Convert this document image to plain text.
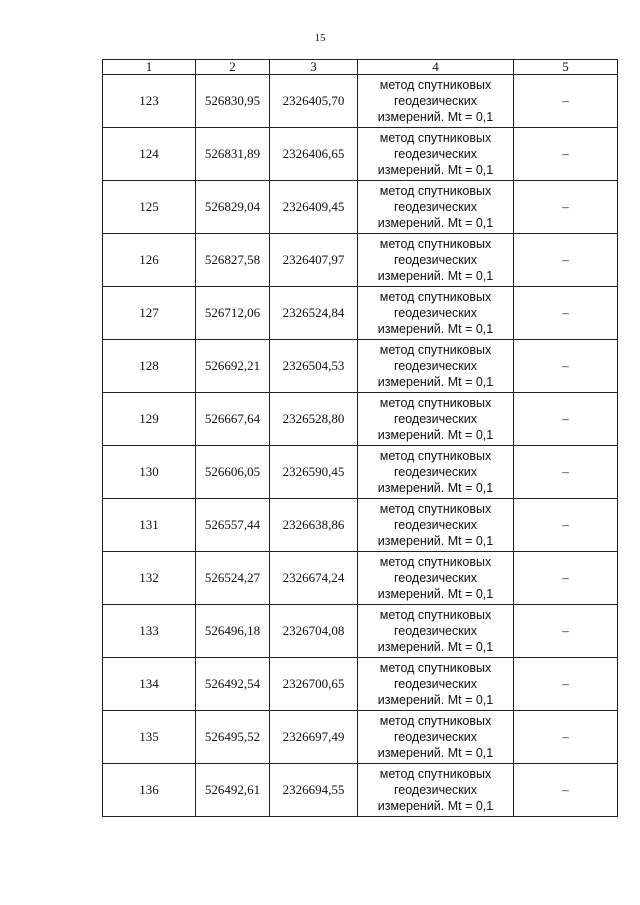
15
1	2	3	4	5
123	526830,95	2326405,70	метод спутниковых
геодезических
измерений. Mt = 0,1	–
124	526831,89	2326406,65	метод спутниковых
геодезических
измерений. Mt = 0,1	–
125	526829,04	2326409,45	метод спутниковых
геодезических
измерений. Mt = 0,1	–
126	526827,58	2326407,97	метод спутниковых
геодезических
измерений. Mt = 0,1	–
127	526712,06	2326524,84	метод спутниковых
геодезических
измерений. Mt = 0,1	–
128	526692,21	2326504,53	метод спутниковых
геодезических
измерений. Mt = 0,1	–
129	526667,64	2326528,80	метод спутниковых
геодезических
измерений. Mt = 0,1	–
130	526606,05	2326590,45	метод спутниковых
геодезических
измерений. Mt = 0,1	–
131	526557,44	2326638,86	метод спутниковых
геодезических
измерений. Mt = 0,1	–
132	526524,27	2326674,24	метод спутниковых
геодезических
измерений. Mt = 0,1	–
133	526496,18	2326704,08	метод спутниковых
геодезических
измерений. Mt = 0,1	–
134	526492,54	2326700,65	метод спутниковых
геодезических
измерений. Mt = 0,1	–
135	526495,52	2326697,49	метод спутниковых
геодезических
измерений. Mt = 0,1	–
136	526492,61	2326694,55	метод спутниковых
геодезических
измерений. Mt = 0,1	–
